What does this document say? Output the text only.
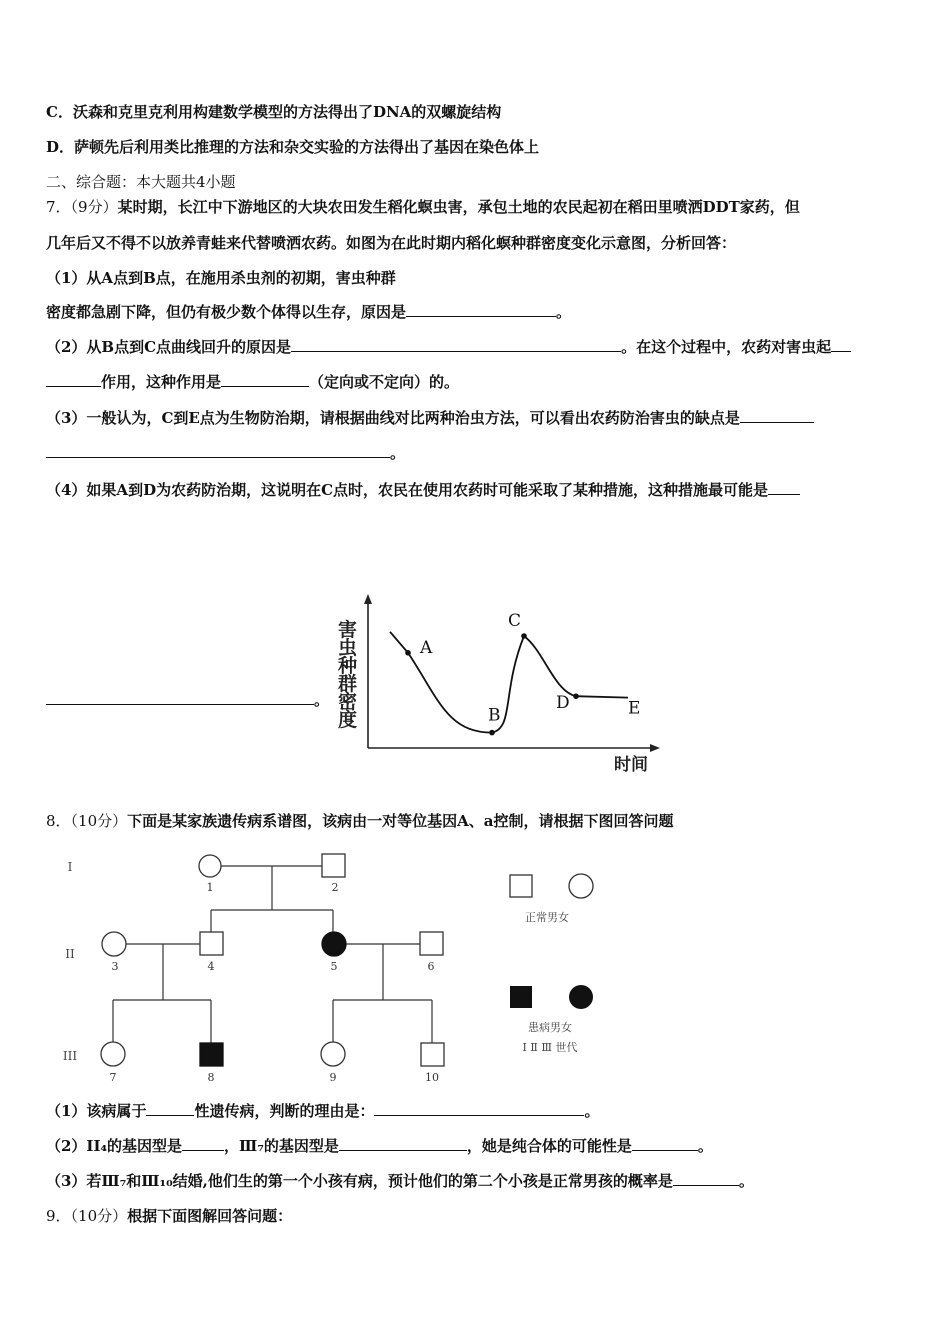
C．沃森和克里克利用构建数学模型的方法得出了DNA的双螺旋结构
D．萨顿先后利用类比推理的方法和杂交实验的方法得出了基因在染色体上
二、综合题：本大题共4小题
7．（9分）某时期，长江中下游地区的大块农田发生稻化螟虫害，承包土地的农民起初在稻田里喷洒DDT家药，但
几年后又不得不以放养青蛙来代替喷洒农药。如图为在此时期内稻化螟种群密度变化示意图，分析回答：
（1）从A点到B点，在施用杀虫剂的初期，害虫种群
密度都急剧下降，但仍有极少数个体得以生存，原因是	。
（2）从B点到C点曲线回升的原因是	。在这个过程中，农药对害虫起
作用，这种作用是	（定向或不定向）的。
（3）一般认为，C到E点为生物防治期，请根据曲线对比两种治虫方法，可以看出农药防治害虫的缺点是
。
（4）如果A到D为农药防治期，这说明在C点时，农民在使用农药时可能采取了某种措施，这种措施最可能是
。
A
B
C
D	E
害虫种群密度
时间
8．（10分）下面是某家族遗传病系谱图，该病由一对等位基因A、a控制，请根据下图回答问题
I
II
III
1	2
3	4	5	6
7	8	9	10
正常男女
患病男女
Ⅰ Ⅱ Ⅲ 世代
（1）该病属于	性遗传病，判断的理由是：	。
（2）II₄的基因型是	，Ⅲ₇的基因型是	，她是纯合体的可能性是	。
（3）若Ⅲ₇和Ⅲ₁₀结婚,他们生的第一个小孩有病，预计他们的第二个小孩是正常男孩的概率是	。
9．（10分）根据下面图解回答问题：
